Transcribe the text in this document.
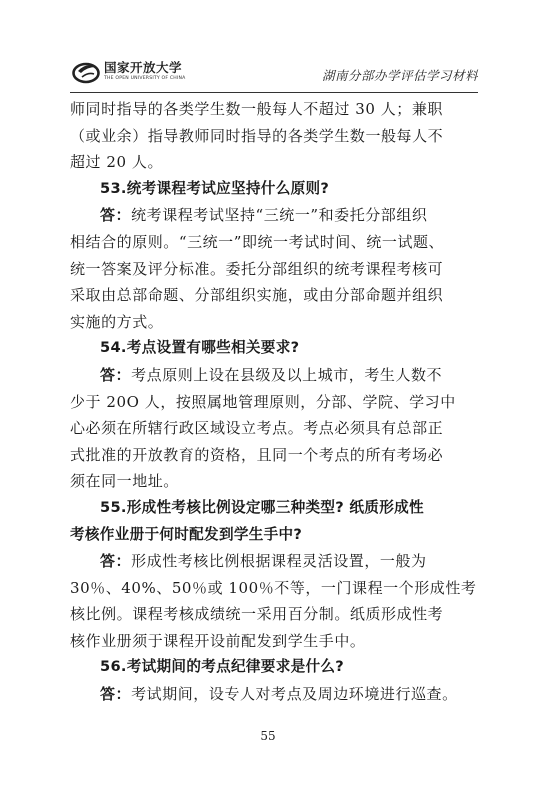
国家开放大学
THE OPEN UNIVERSITY OF CHINA	湖南分部办学评估学习材料
师同时指导的各类学生数一般每人不超过 30 人；兼职
（或业余）指导教师同时指导的各类学生数一般每人不
超过 20 人。
53.统考课程考试应坚持什么原则?
答：统考课程考试坚持“三统一”和委托分部组织
相结合的原则。“三统一”即统一考试时间、统一试题、
统一答案及评分标准。委托分部组织的统考课程考核可
采取由总部命题、分部组织实施，或由分部命题并组织
实施的方式。
54.考点设置有哪些相关要求?
答：考点原则上设在县级及以上城市，考生人数不
少于 20O 人，按照属地管理原则，分部、学院、学习中
心必须在所辖行政区域设立考点。考点必须具有总部正
式批准的开放教育的资格，且同一个考点的所有考场必
须在同一地址。
55.形成性考核比例设定哪三种类型? 纸质形成性
考核作业册于何时配发到学生手中?
答：形成性考核比例根据课程灵活设置，一般为
30％、40%、50％或 100％不等，一门课程一个形成性考
核比例。课程考核成绩统一采用百分制。纸质形成性考
核作业册须于课程开设前配发到学生手中。
56.考试期间的考点纪律要求是什么?
答：考试期间，设专人对考点及周边环境进行巡查。
55
